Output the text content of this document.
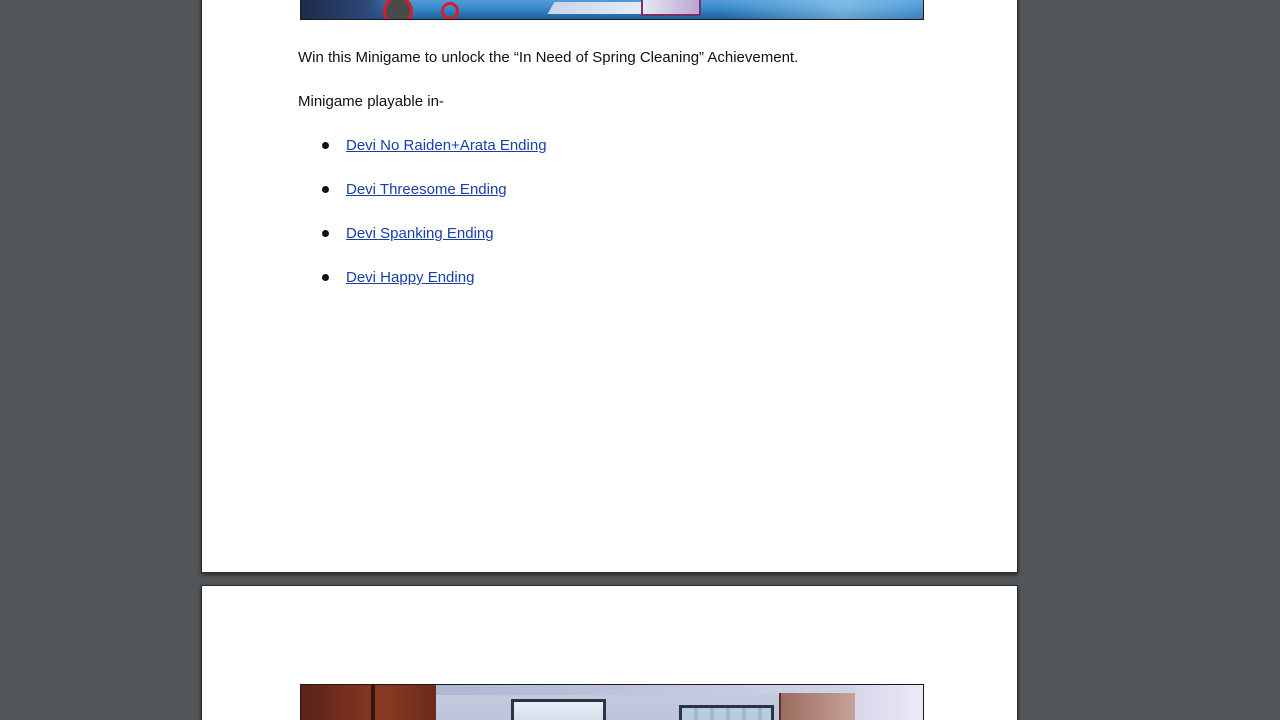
Win this Minigame to unlock the “In Need of Spring Cleaning” Achievement.

Minigame playable in-

Devi No Raiden+Arata Ending
Devi Threesome Ending
Devi Spanking Ending
Devi Happy Ending
